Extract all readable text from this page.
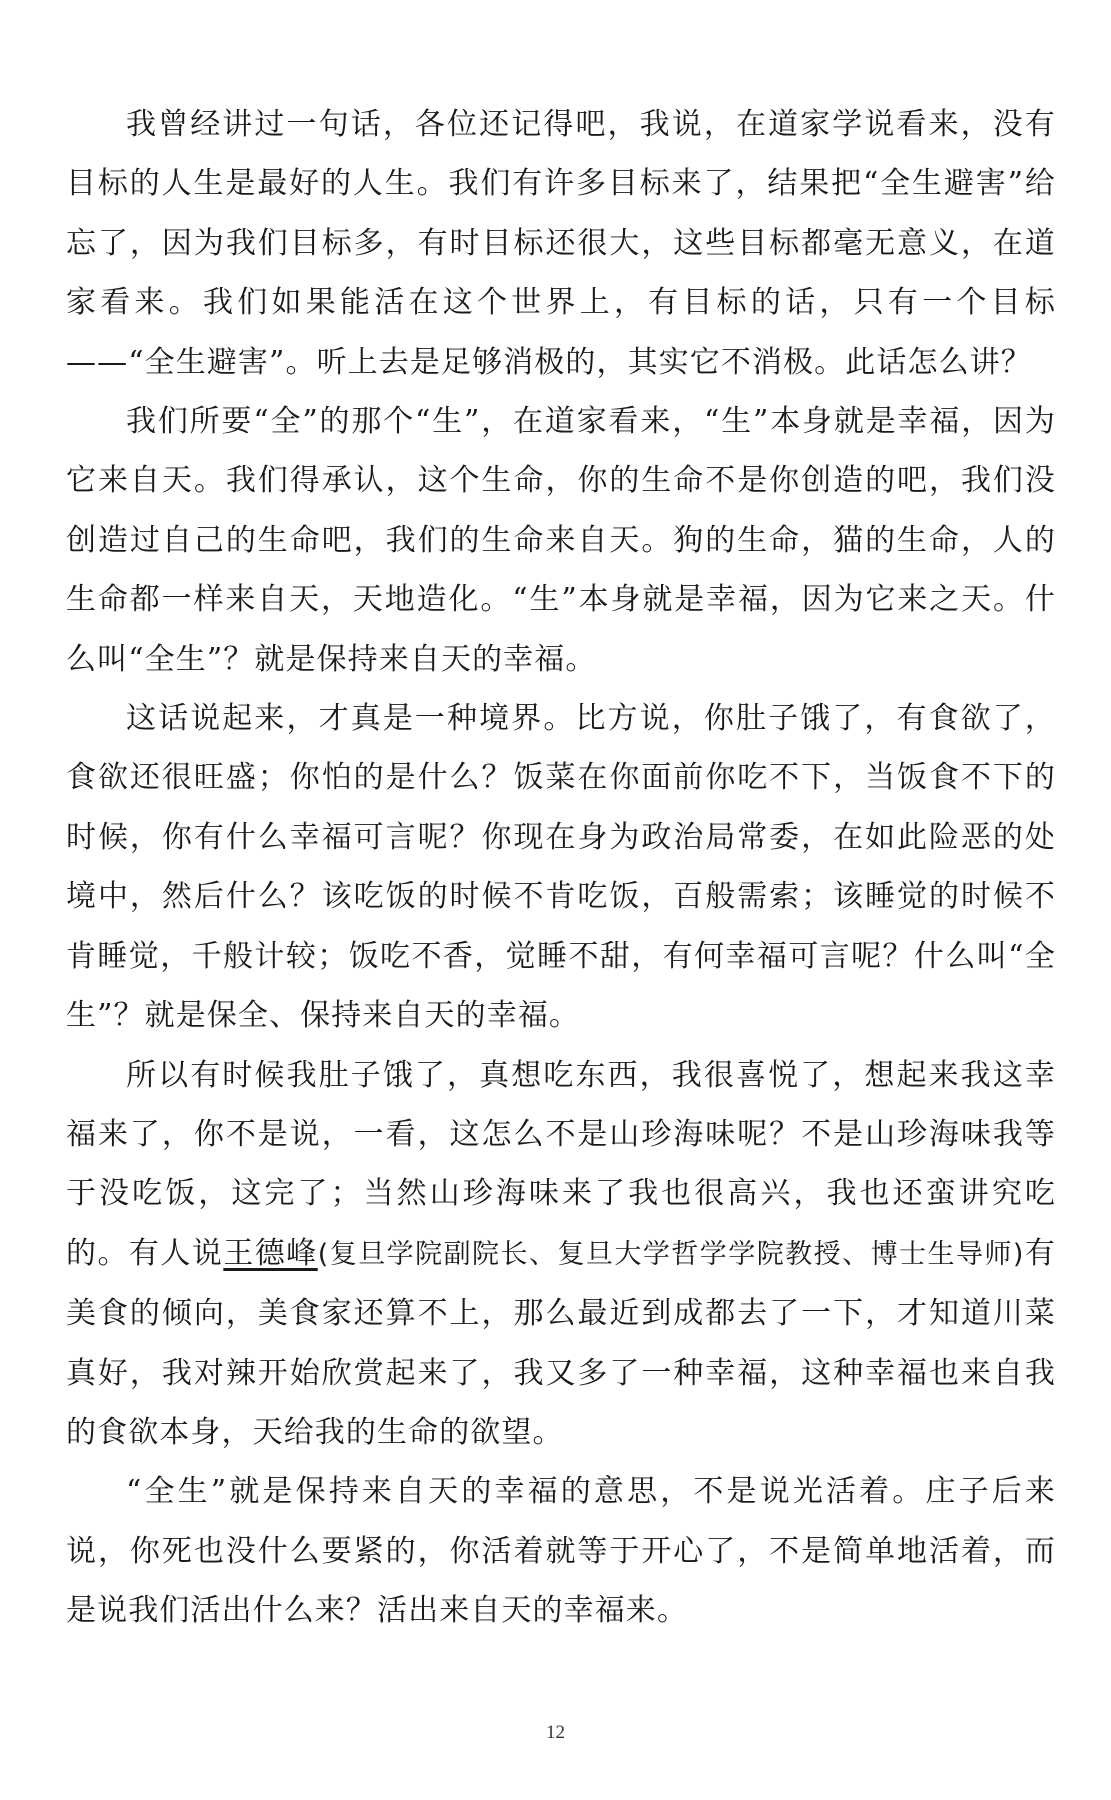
我曾经讲过一句话，各位还记得吧，我说，在道家学说看来，没有目标的人生是最好的人生。我们有许多目标来了，结果把“全生避害”给忘了，因为我们目标多，有时目标还很大，这些目标都毫无意义，在道家看来。我们如果能活在这个世界上，有目标的话，只有一个目标——“全生避害”。听上去是足够消极的，其实它不消极。此话怎么讲？

我们所要“全”的那个“生”，在道家看来，“生”本身就是幸福，因为它来自天。我们得承认，这个生命，你的生命不是你创造的吧，我们没创造过自己的生命吧，我们的生命来自天。狗的生命，猫的生命，人的生命都一样来自天，天地造化。“生”本身就是幸福，因为它来之天。什么叫“全生”？就是保持来自天的幸福。

这话说起来，才真是一种境界。比方说，你肚子饿了，有食欲了，食欲还很旺盛；你怕的是什么？饭菜在你面前你吃不下，当饭食不下的时候，你有什么幸福可言呢？你现在身为政治局常委，在如此险恶的处境中，然后什么？该吃饭的时候不肯吃饭，百般需索；该睡觉的时候不肯睡觉，千般计较；饭吃不香，觉睡不甜，有何幸福可言呢？什么叫“全生”？就是保全、保持来自天的幸福。

所以有时候我肚子饿了，真想吃东西，我很喜悦了，想起来我这幸福来了，你不是说，一看，这怎么不是山珍海味呢？不是山珍海味我等于没吃饭，这完了；当然山珍海味来了我也很高兴，我也还蛮讲究吃的。有人说王德峰(复旦学院副院长、复旦大学哲学学院教授、博士生导师)有美食的倾向，美食家还算不上，那么最近到成都去了一下，才知道川菜真好，我对辣开始欣赏起来了，我又多了一种幸福，这种幸福也来自我的食欲本身，天给我的生命的欲望。

“全生”就是保持来自天的幸福的意思，不是说光活着。庄子后来说，你死也没什么要紧的，你活着就等于开心了，不是简单地活着，而是说我们活出什么来？活出来自天的幸福来。

12
